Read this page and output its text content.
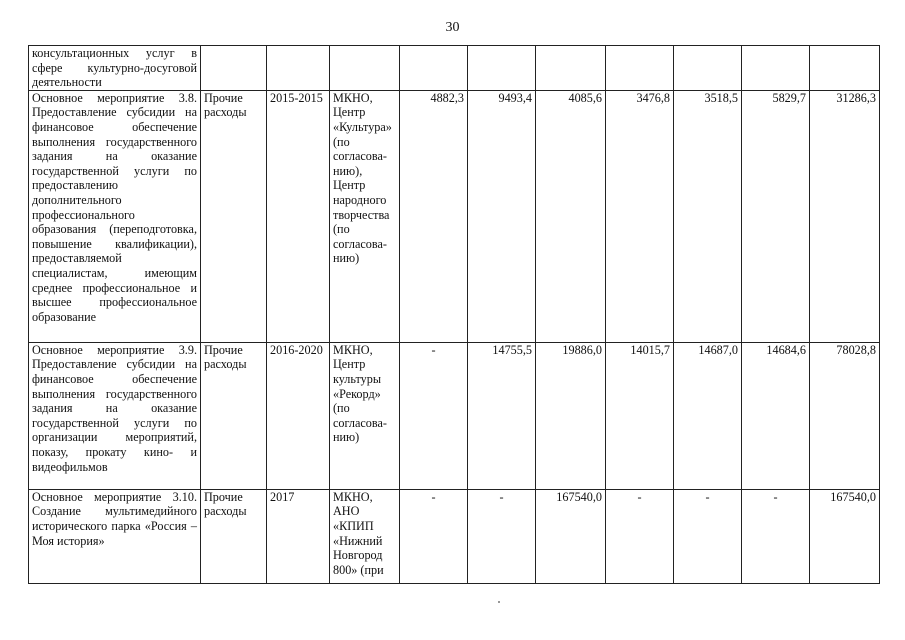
30
консультационных услуг в сфере культурно-досуговой деятельности										
Основное мероприятие 3.8. Предоставление субсидии на финансовое обеспечение выполнения государственного задания на оказание государственной услуги по предоставлению дополнительного профессионального образования (переподготовка, повышение квалификации), предоставляемой специалистам, имеющим среднее профессиональное и высшее профессиональное образование	Прочие расходы	2015-2015	МКНО, Центр «Культура» (по согласова-нию), Центр народного творчества (по согласова-нию)	4882,3	9493,4	4085,6	3476,8	3518,5	5829,7	31286,3
Основное мероприятие 3.9. Предоставление субсидии на финансовое обеспечение выполнения государственного задания на оказание государственной услуги по организации мероприятий, показу, прокату кино- и видеофильмов	Прочие расходы	2016-2020	МКНО, Центр культуры «Рекорд» (по согласова-нию)	-	14755,5	19886,0	14015,7	14687,0	14684,6	78028,8
Основное мероприятие 3.10. Создание мультимедийного исторического парка «Россия – Моя история»	Прочие расходы	2017	МКНО, АНО «КПИП «Нижний Новгород 800» (при	-	-	167540,0	-	-	-	167540,0
